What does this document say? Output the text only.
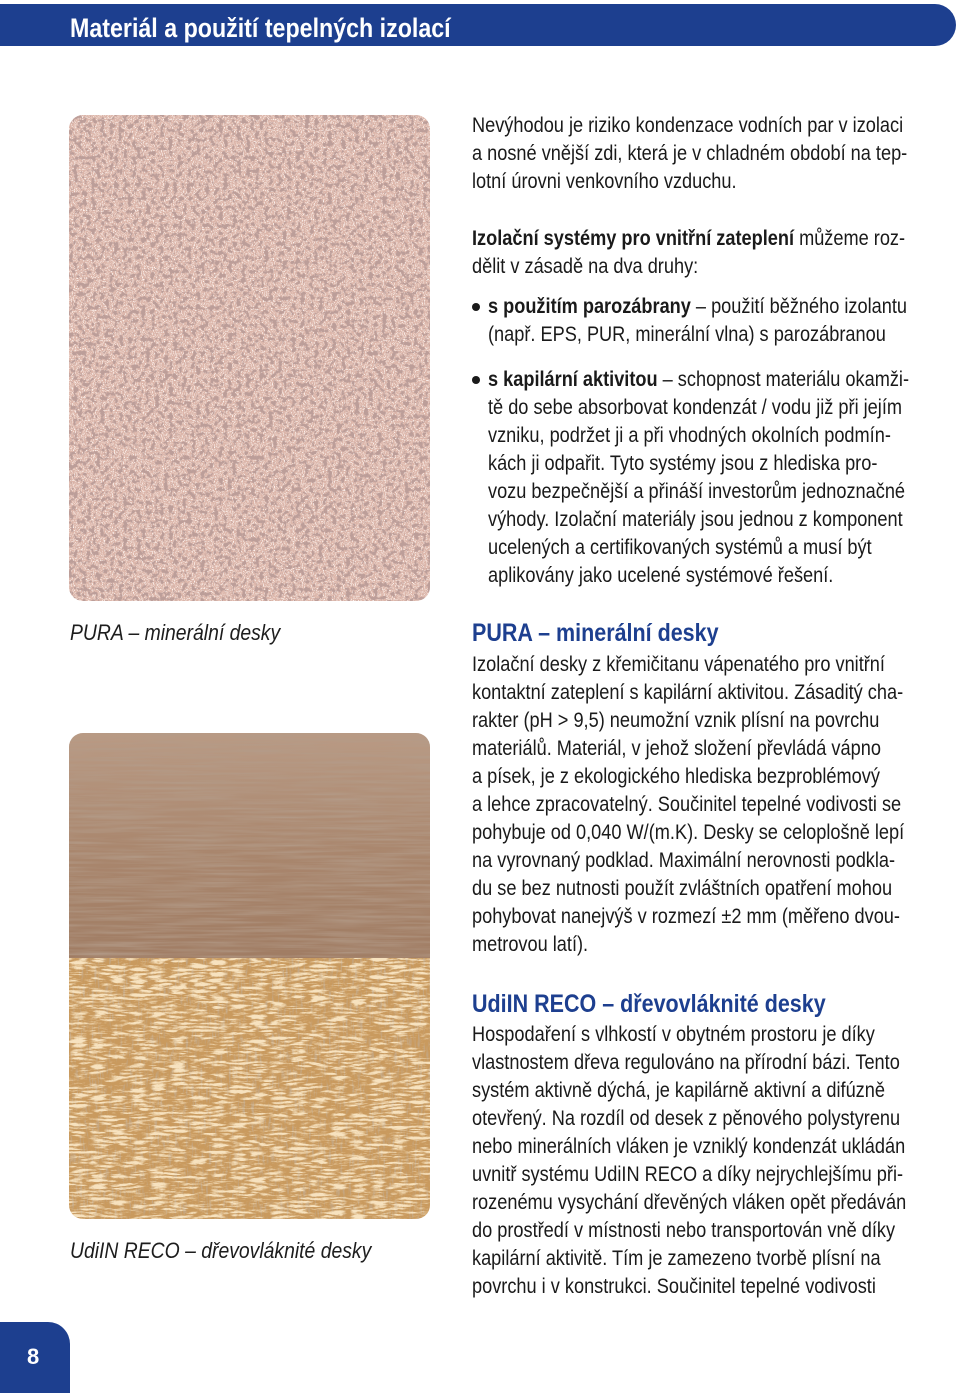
Materiál a použití tepelných izolací
PURA – minerální desky
UdiIN RECO – dřevovláknité desky
Nevýhodou je riziko kondenzace vodních par v izolaci
a nosné vnější zdi, která je v chladném období na tep-
lotní úrovni venkovního vzduchu.
Izolační systémy pro vnitřní zateplení můžeme roz-
dělit v zásadě na dva druhy:
s použitím parozábrany – použití běžného izolantu
(např. EPS, PUR, minerální vlna) s parozábranou
s kapilární aktivitou – schopnost materiálu okamži-
tě do sebe absorbovat kondenzát / vodu již při jejím
vzniku, podržet ji a při vhodných okolních podmín-
kách ji odpařit. Tyto systémy jsou z hlediska pro-
vozu bezpečnější a přináší investorům jednoznačné
výhody. Izolační materiály jsou jednou z komponent
ucelených a certifikovaných systémů a musí být
aplikovány jako ucelené systémové řešení.
PURA – minerální desky
Izolační desky z křemičitanu vápenatého pro vnitřní
kontaktní zateplení s kapilární aktivitou. Zásaditý cha-
rakter (pH > 9,5) neumožní vznik plísní na povrchu
materiálů. Materiál, v jehož složení převládá vápno
a písek, je z ekologického hlediska bezproblémový
a lehce zpracovatelný. Součinitel tepelné vodivosti se
pohybuje od 0,040 W/(m.K). Desky se celoplošně lepí
na vyrovnaný podklad. Maximální nerovnosti podkla-
du se bez nutnosti použít zvláštních opatření mohou
pohybovat nanejvýš v rozmezí ±2 mm (měřeno dvou-
metrovou latí).
UdiIN RECO – dřevovláknité desky
Hospodaření s vlhkostí v obytném prostoru je díky
vlastnostem dřeva regulováno na přírodní bázi. Tento
systém aktivně dýchá, je kapilárně aktivní a difúzně
otevřený. Na rozdíl od desek z pěnového polystyrenu
nebo minerálních vláken je vzniklý kondenzát ukládán
uvnitř systému UdiIN RECO a díky nejrychlejšímu při-
rozenému vysychání dřevěných vláken opět předáván
do prostředí v místnosti nebo transportován vně díky
kapilární aktivitě. Tím je zamezeno tvorbě plísní na
povrchu i v konstrukci. Součinitel tepelné vodivosti
8
